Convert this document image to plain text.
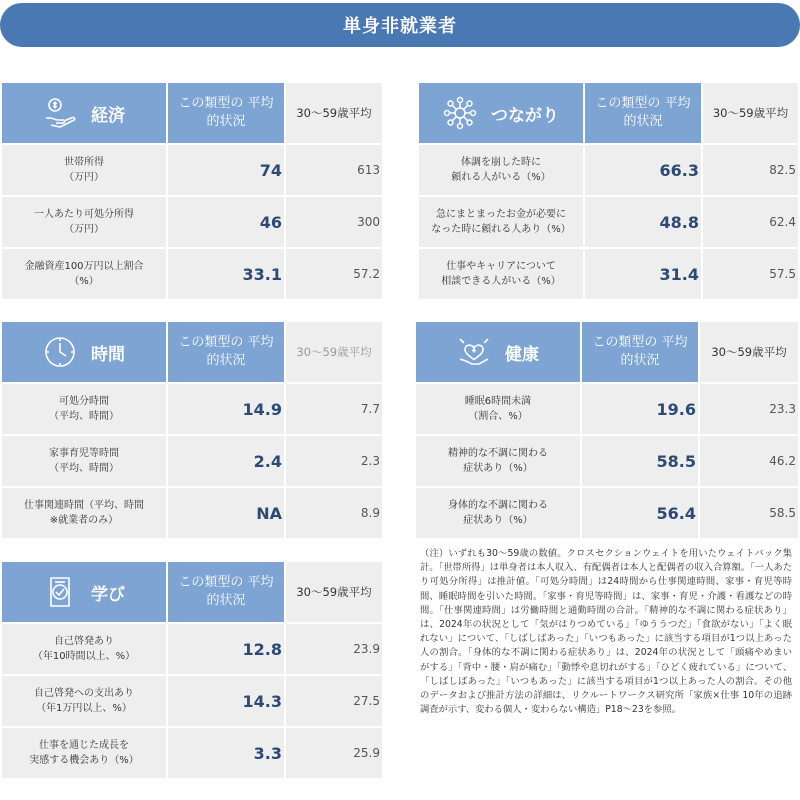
単身非就業者
経済
この類型の 平均的状況
30～59歳平均
世帯所得
（万円）	74	613
一人あたり可処分所得
（万円）	46	300
金融資産100万円以上割合
（%）	33.1	57.2
つながり
この類型の 平均的状況
30～59歳平均
体調を崩した時に
頼れる人がいる（%）	66.3	82.5
急にまとまったお金が必要に
なった時に頼れる人あり（%）	48.8	62.4
仕事やキャリアについて
相談できる人がいる（%）	31.4	57.5
時間
この類型の 平均的状況
30～59歳平均
可処分時間
（平均、時間）	14.9	7.7
家事育児等時間
（平均、時間）	2.4	2.3
仕事関連時間（平均、時間
※就業者のみ）	NA	8.9
健康
この類型の 平均的状況
30～59歳平均
睡眠6時間未満
（割合、%）	19.6	23.3
精神的な不調に関わる
症状あり（%）	58.5	46.2
身体的な不調に関わる
症状あり（%）	56.4	58.5
学び
この類型の 平均的状況
30～59歳平均
自己啓発あり
（年10時間以上、%）	12.8	23.9
自己啓発への支出あり
（年1万円以上、%）	14.3	27.5
仕事を通じた成長を
実感する機会あり（%）	3.3	25.9
（注）いずれも30～59歳の数値。クロスセクションウェイトを用いたウェイトバック集計。「世帯所得」は単身者は本人収入、有配偶者は本人と配偶者の収入合算額。「一人あたり可処分所得」は推計値。「可処分時間」は24時間から仕事関連時間、家事・育児等時間、睡眠時間を引いた時間。「家事・育児等時間」は、家事・育児・介護・看護などの時間。「仕事関連時間」は労働時間と通勤時間の合計。「精神的な不調に関わる症状あり」は、2024年の状況として「気がはりつめている」「ゆううつだ」「食欲がない」「よく眠れない」について、「しばしばあった」「いつもあった」に該当する項目が1つ以上あった人の割合。「身体的な不調に関わる症状あり」は、2024年の状況として「頭痛やめまいがする」「背中・腰・肩が痛む」「動悸や息切れがする」「ひどく疲れている」について、「しばしばあった」「いつもあった」に該当する項目が1つ以上あった人の割合。その他のデータおよび推計方法の詳細は、リクルートワークス研究所「家族×仕事 10年の追跡調査が示す、変わる個人・変わらない構造」P18～23を参照。
